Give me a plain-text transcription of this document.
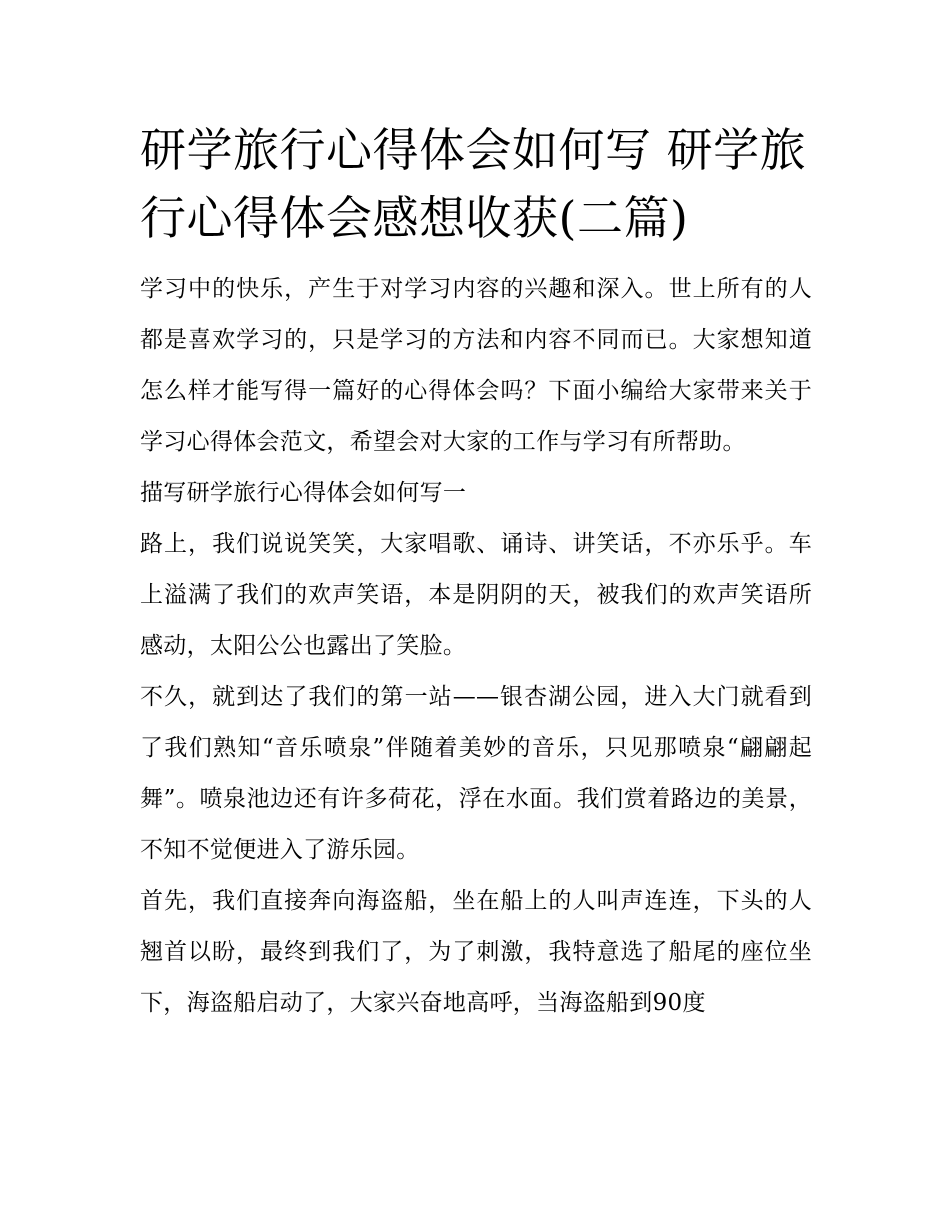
研学旅行心得体会如何写 研学旅行心得体会感想收获(二篇)

学习中的快乐，产生于对学习内容的兴趣和深入。世上所有的人都是喜欢学习的，只是学习的方法和内容不同而已。大家想知道怎么样才能写得一篇好的心得体会吗？下面小编给大家带来关于学习心得体会范文，希望会对大家的工作与学习有所帮助。

描写研学旅行心得体会如何写一

路上，我们说说笑笑，大家唱歌、诵诗、讲笑话，不亦乐乎。车上溢满了我们的欢声笑语，本是阴阴的天，被我们的欢声笑语所感动，太阳公公也露出了笑脸。

不久，就到达了我们的第一站——银杏湖公园，进入大门就看到了我们熟知“音乐喷泉”伴随着美妙的音乐，只见那喷泉“翩翩起舞”。喷泉池边还有许多荷花，浮在水面。我们赏着路边的美景，不知不觉便进入了游乐园。

首先，我们直接奔向海盗船，坐在船上的人叫声连连，下头的人翘首以盼，最终到我们了，为了刺激，我特意选了船尾的座位坐下，海盗船启动了，大家兴奋地高呼，当海盗船到90度
